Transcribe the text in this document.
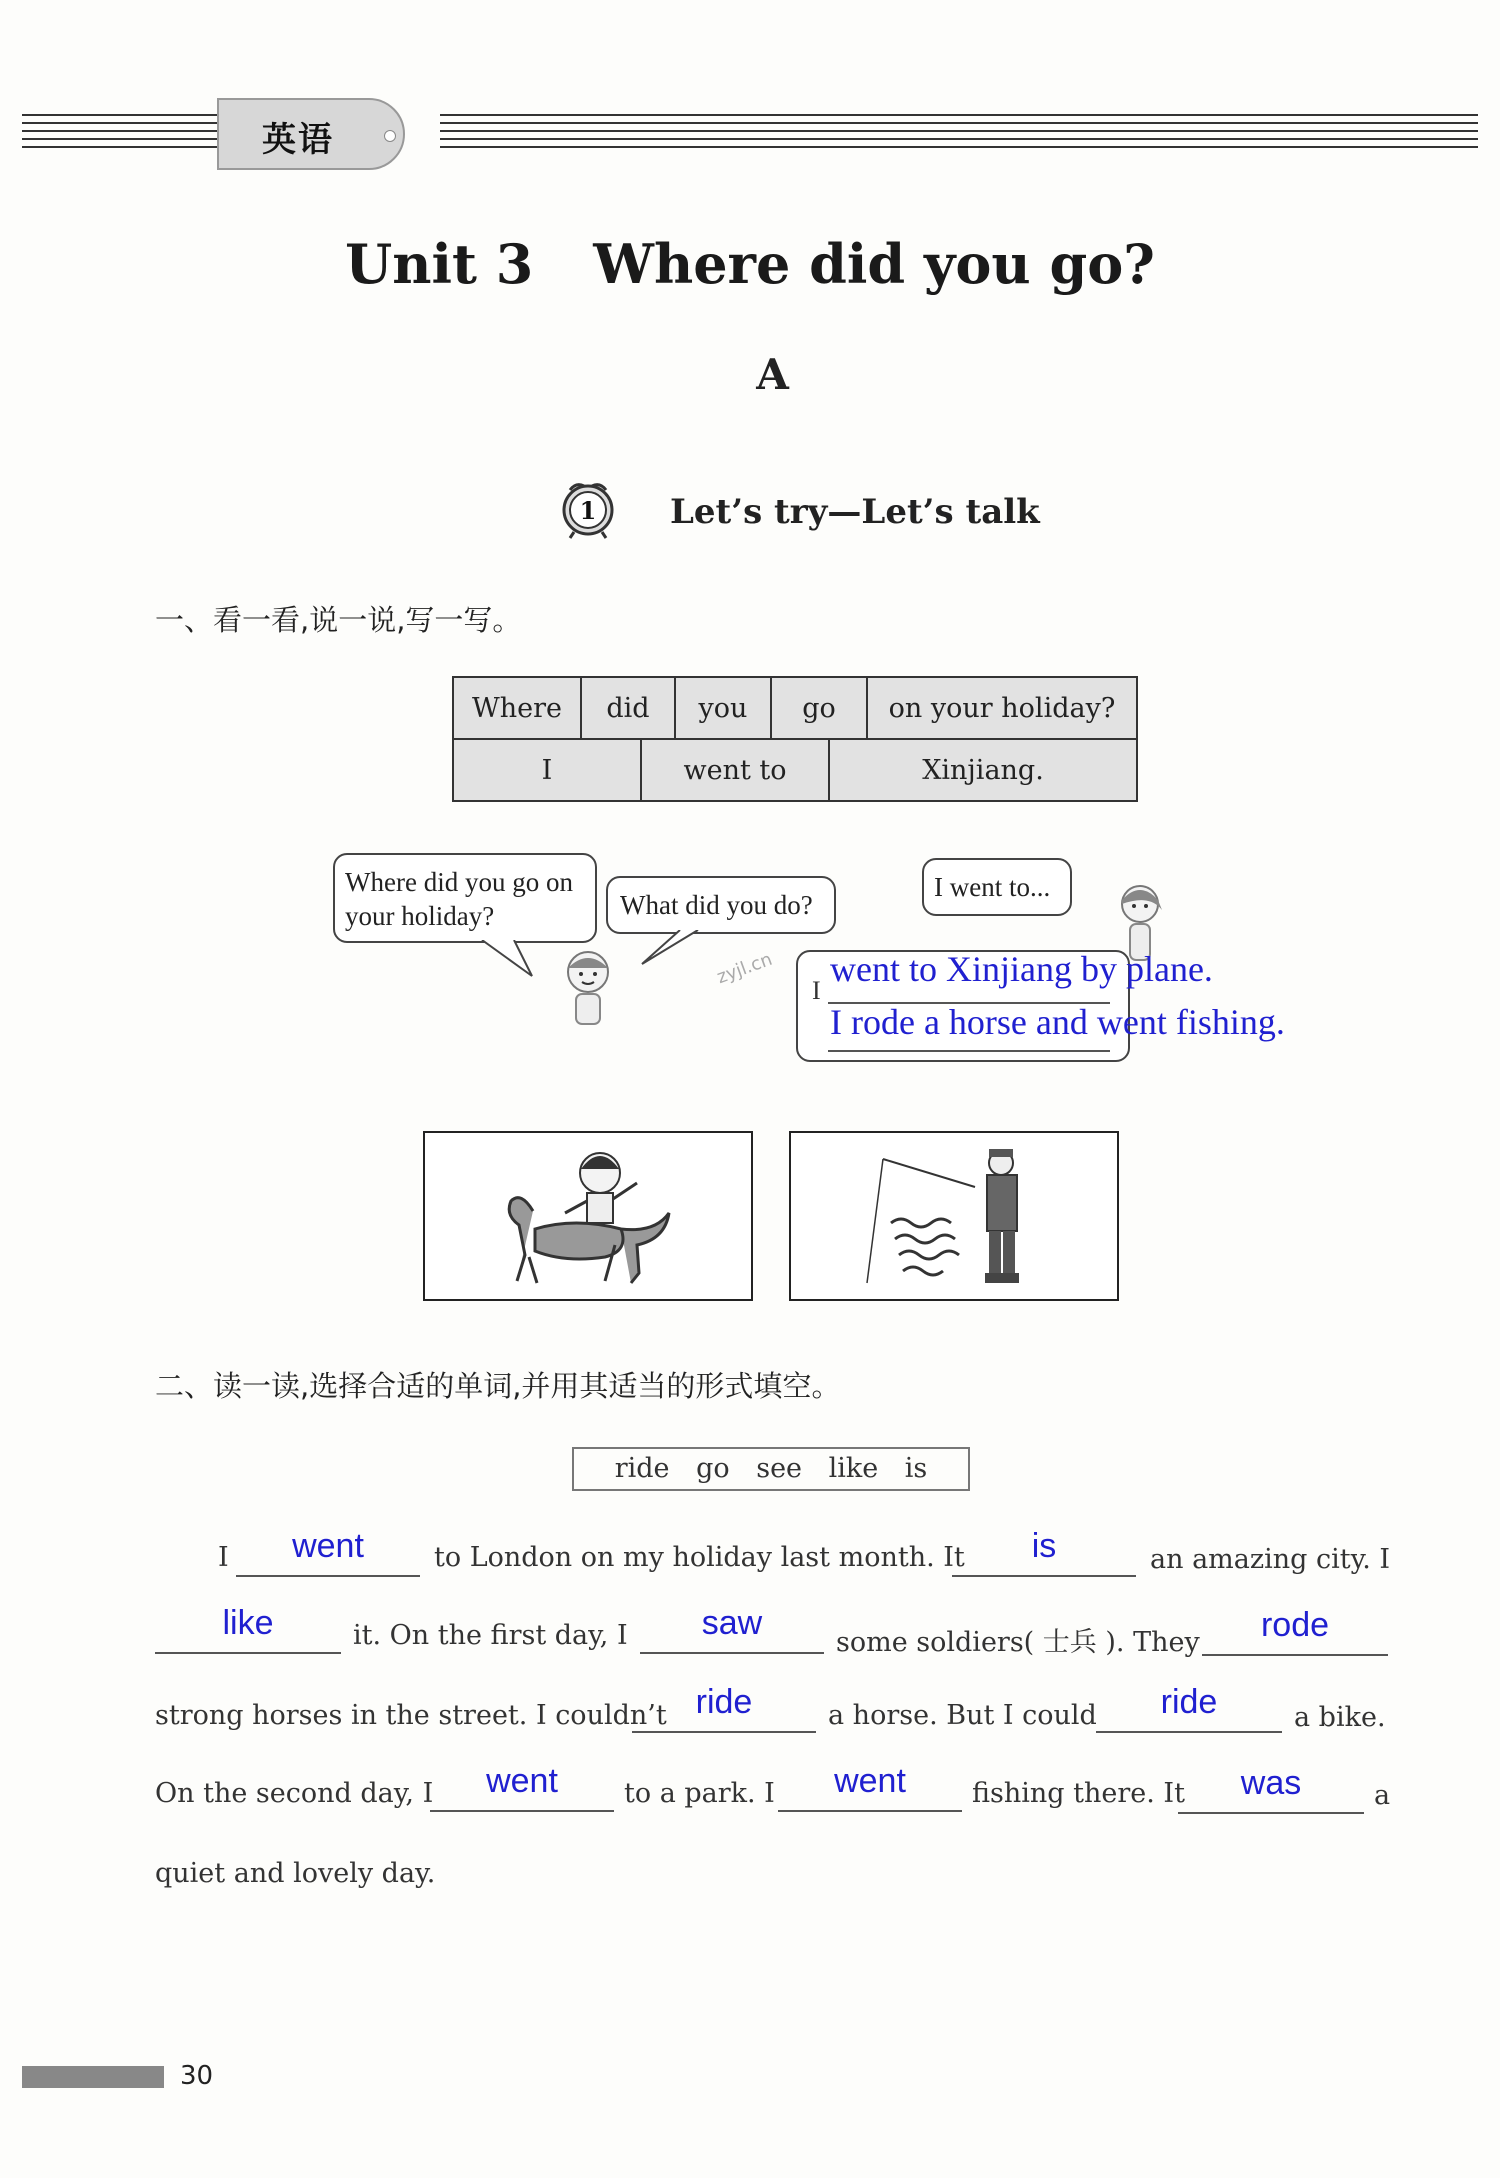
英语
Unit 3 Where did you go?
A
1 Let’s try—Let’s talk
一、看一看,说一说,写一写。
Where	did	you	go	on your holiday?

I	went to	Xinjiang.
Where did you go on your holiday?	What did you do?
I went to...
zyjl.cn
I
went to Xinjiang by plane.
I rode a horse and went fishing.
二、读一读,选择合适的单词,并用其适当的形式填空。
ride go see like is
I	went	to London on my holiday last month. It	is	an amazing city. I
like	it. On the first day, I	saw
some soldiers( 士兵 ). They	rode
strong horses in the street. I couldn’t ride	a horse. But I could	ride	a bike.
On the second day, I	went	to a park. I	went	fishing there. It	was	a
quiet and lovely day.
30
